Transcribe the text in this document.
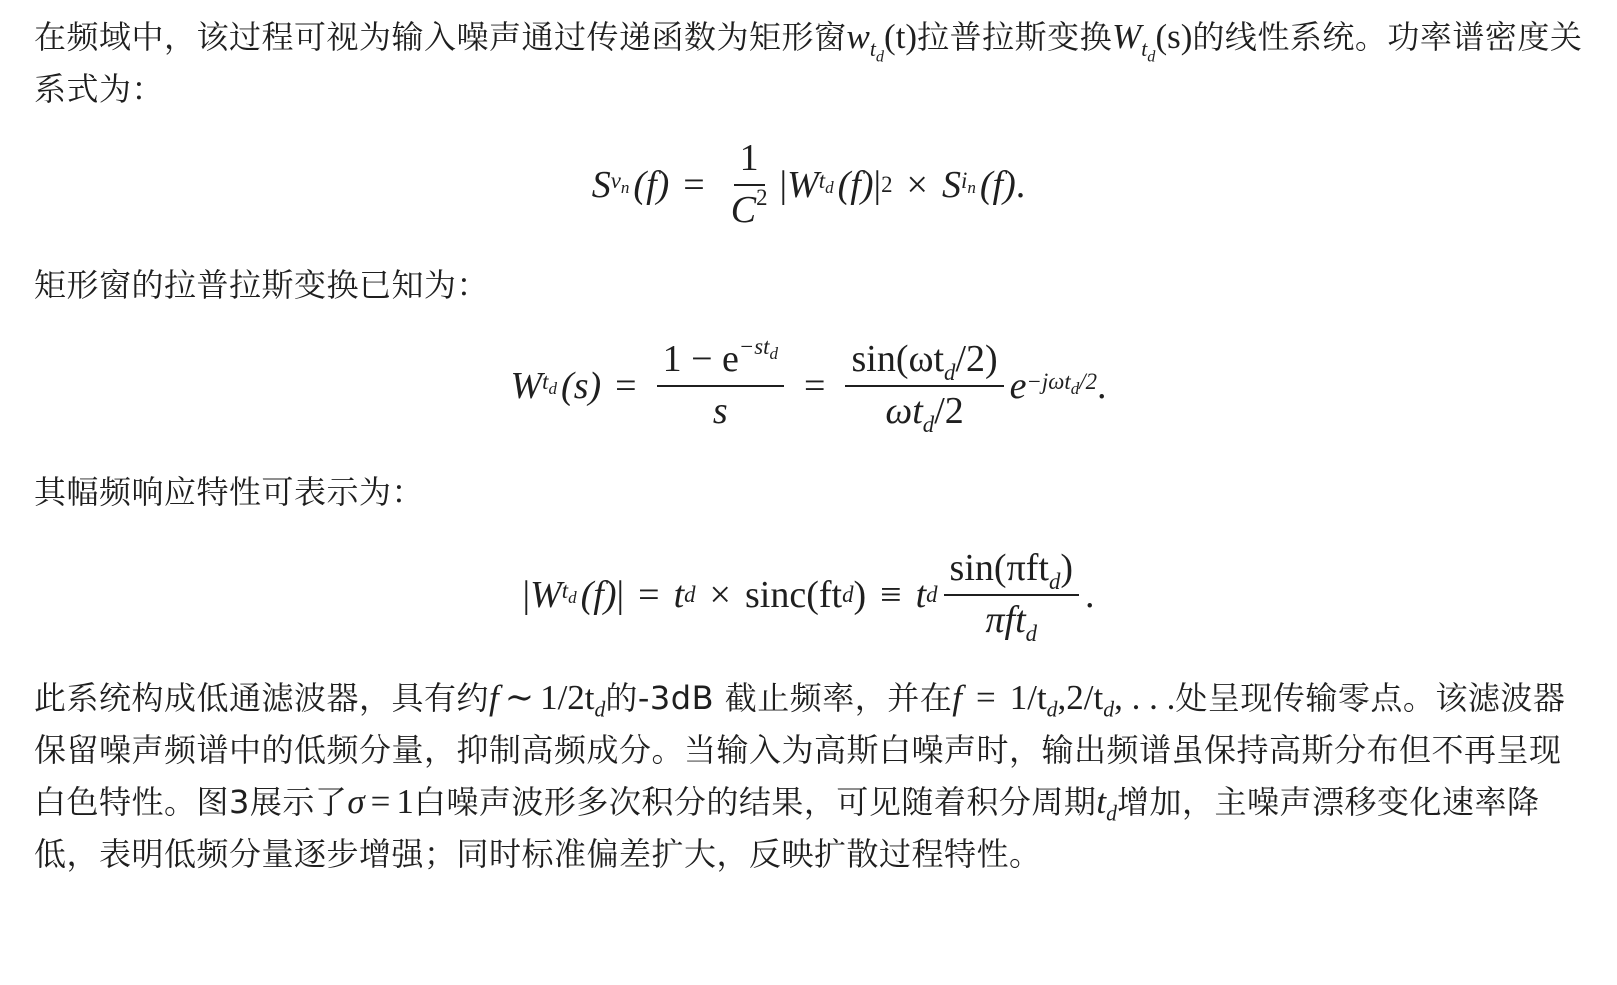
在频域中，该过程可视为输入噪声通过传递函数为矩形窗$w_{t_d}(t)$拉普拉斯变换$W_{t_d}(s)$的线性系统。功率谱密度关系式为：
S $v_n$ $(f) = \frac{1}{C^2}$ | W $t_d$ (f) | 2 × S $i_n$ (f) .
矩形窗的拉普拉斯变换已知为：
W $t_d$ $(s) = \frac{1 - e^{-st_d}}{s} = \frac{\sin(\omega t_d/2)}{\omega t_d/2}$ e −jωt$_d$/2 .
其幅频响应特性可表示为：
| W $t_d$ (f) | = t d × sinc(ft d ) ≡ t d $\frac{\sin(\pi ft_d)}{\pi ft_d}$ .
此系统构成低通滤波器，具有约f ∼ $1/2t_d$的-3dB 截止频率，并在$f = 1/t_d,2/t_d$, . . .处呈现传输零点。该滤波器保留噪声频谱中的低频分量，抑制高频成分。当输入为高斯白噪声时，输出频谱虽保持高斯分布但不再呈现白色特性。图3展示了σ = 1白噪声波形多次积分的结果，可见随着积分周期$t_d$增加，主噪声漂移变化速率降低，表明低频分量逐步增强；同时标准偏差扩大，反映扩散过程特性。
